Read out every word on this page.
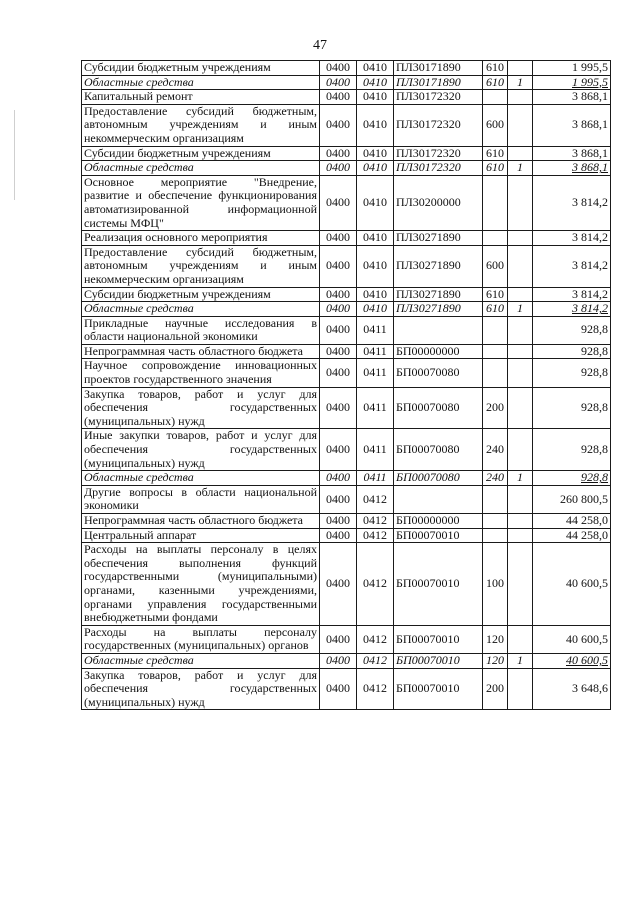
47
Субсидии бюджетным учреждениям	0400	0410	ПЛ30171890	610		1 995,5
Областные средства	0400	0410	ПЛ30171890	610	1	1 995,5
Капитальный ремонт	0400	0410	ПЛ30172320			3 868,1
Предоставление субсидий бюджетным, автономным учреждениям и иным некоммерческим организациям	0400	0410	ПЛ30172320	600		3 868,1
Субсидии бюджетным учреждениям	0400	0410	ПЛ30172320	610		3 868,1
Областные средства	0400	0410	ПЛ30172320	610	1	3 868,1
Основное мероприятие "Внедрение, развитие и обеспечение функционирования автоматизированной информационной системы МФЦ"	0400	0410	ПЛ30200000			3 814,2
Реализация основного мероприятия	0400	0410	ПЛ30271890			3 814,2
Предоставление субсидий бюджетным, автономным учреждениям и иным некоммерческим организациям	0400	0410	ПЛ30271890	600		3 814,2
Субсидии бюджетным учреждениям	0400	0410	ПЛ30271890	610		3 814,2
Областные средства	0400	0410	ПЛ30271890	610	1	3 814,2
Прикладные научные исследования в области национальной экономики	0400	0411				928,8
Непрограммная часть областного бюджета	0400	0411	БП00000000			928,8
Научное сопровождение инновационных проектов государственного значения	0400	0411	БП00070080			928,8
Закупка товаров, работ и услуг для обеспечения государственных (муниципальных) нужд	0400	0411	БП00070080	200		928,8
Иные закупки товаров, работ и услуг для обеспечения государственных (муниципальных) нужд	0400	0411	БП00070080	240		928,8
Областные средства	0400	0411	БП00070080	240	1	928,8
Другие вопросы в области национальной экономики	0400	0412				260 800,5
Непрограммная часть областного бюджета	0400	0412	БП00000000			44 258,0
Центральный аппарат	0400	0412	БП00070010			44 258,0
Расходы на выплаты персоналу в целях обеспечения выполнения функций государственными (муниципальными) органами, казенными учреждениями, органами управления государственными внебюджетными фондами	0400	0412	БП00070010	100		40 600,5
Расходы на выплаты персоналу государственных (муниципальных) органов	0400	0412	БП00070010	120		40 600,5
Областные средства	0400	0412	БП00070010	120	1	40 600,5
Закупка товаров, работ и услуг для обеспечения государственных (муниципальных) нужд	0400	0412	БП00070010	200		3 648,6
